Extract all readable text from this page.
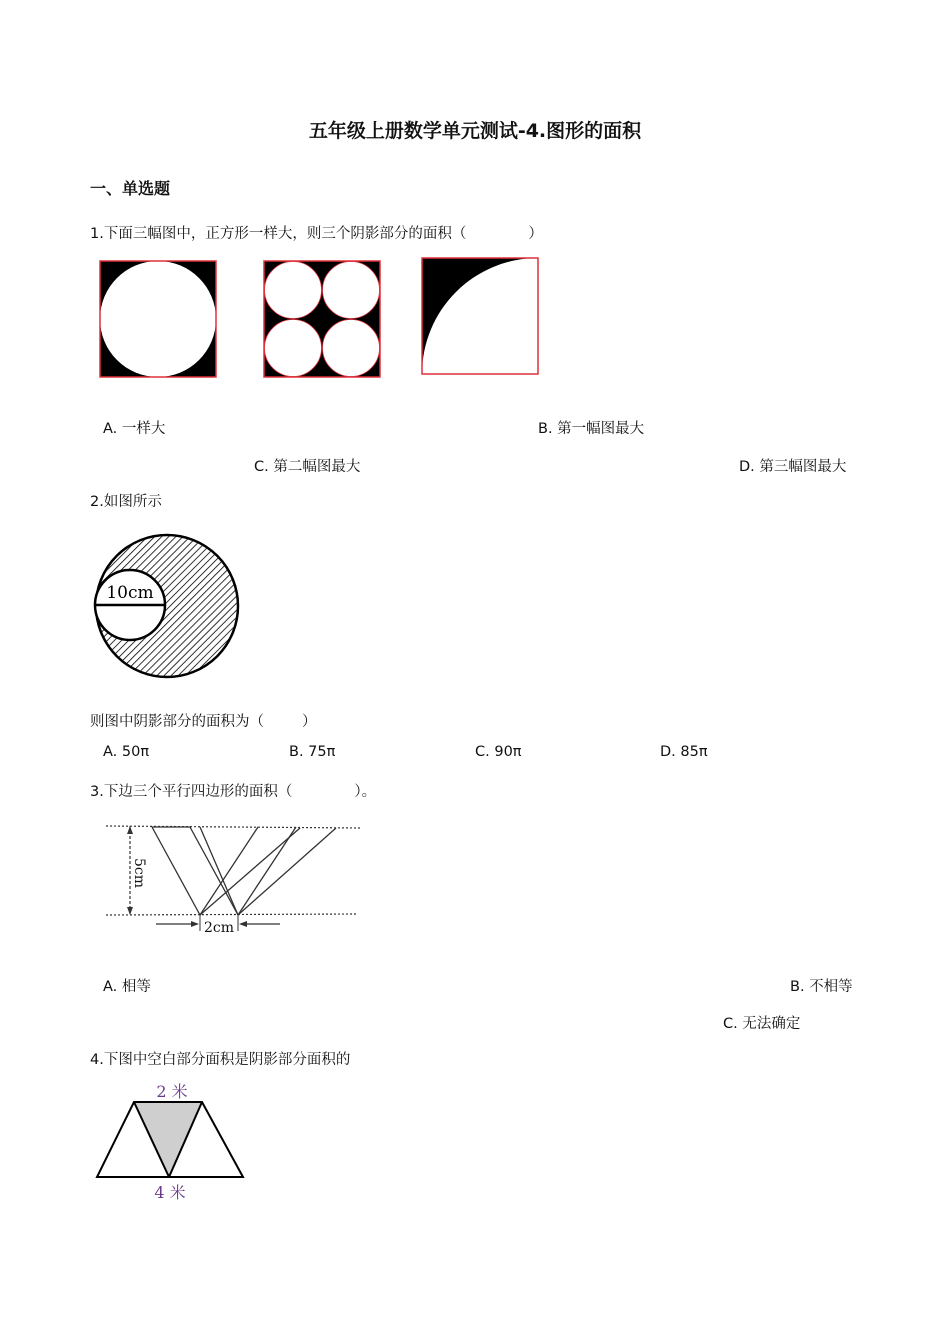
五年级上册数学单元测试-4.图形的面积
一、单选题
1.下面三幅图中，正方形一样大，则三个阴影部分的面积（	）
A. 一样大	B. 第一幅图最大
C. 第二幅图最大	D. 第三幅图最大
2.如图所示
10cm
则图中阴影部分的面积为（	）
A. 50π	B. 75π	C. 90π	D. 85π
3.下边三个平行四边形的面积（	）。
5cm
2cm
A. 相等	B. 不相等
C. 无法确定
4.下图中空白部分面积是阴影部分面积的
2 米
4 米
